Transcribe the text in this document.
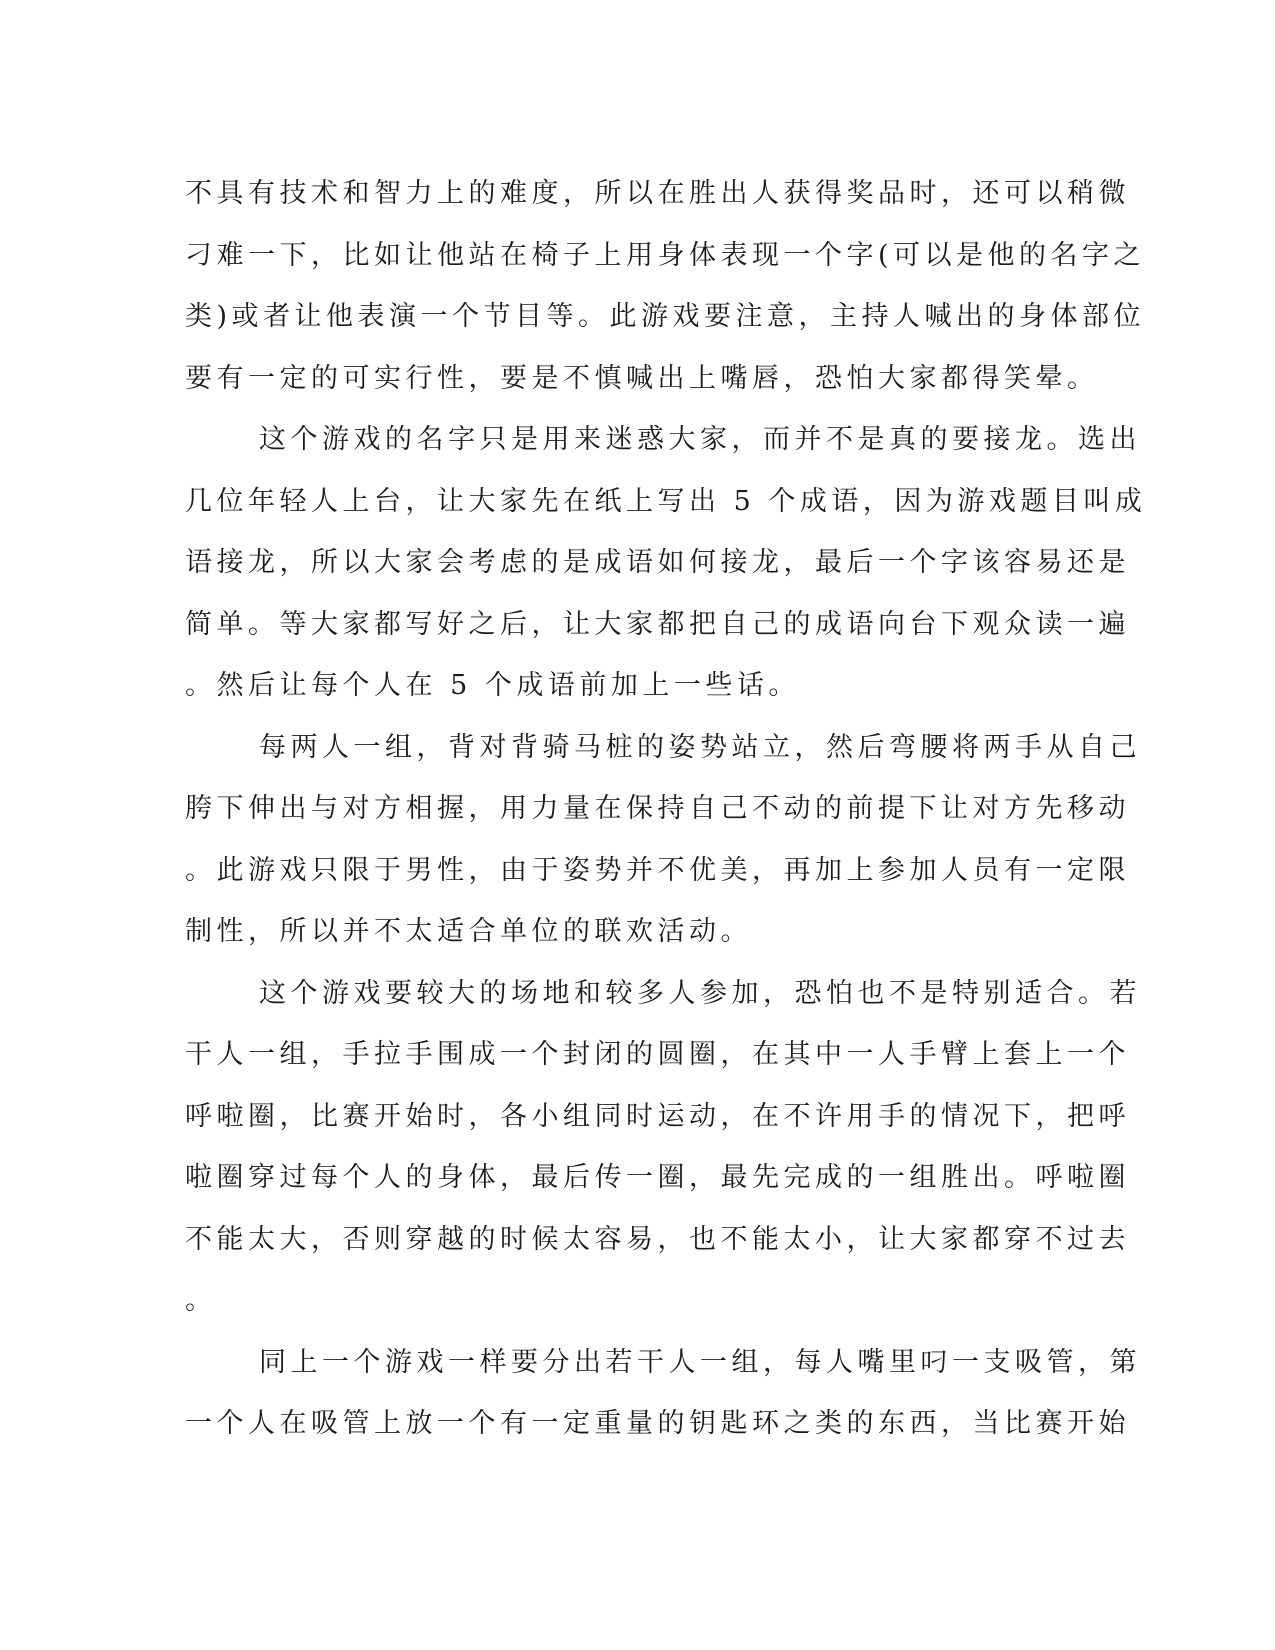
不具有技术和智力上的难度，所以在胜出人获得奖品时，还可以稍微
刁难一下，比如让他站在椅子上用身体表现一个字(可以是他的名字之
类)或者让他表演一个节目等。此游戏要注意，主持人喊出的身体部位
要有一定的可实行性，要是不慎喊出上嘴唇，恐怕大家都得笑晕。
这个游戏的名字只是用来迷惑大家，而并不是真的要接龙。选出
几位年轻人上台，让大家先在纸上写出 5 个成语，因为游戏题目叫成
语接龙，所以大家会考虑的是成语如何接龙，最后一个字该容易还是
简单。等大家都写好之后，让大家都把自己的成语向台下观众读一遍
。然后让每个人在 5 个成语前加上一些话。
每两人一组，背对背骑马桩的姿势站立，然后弯腰将两手从自己
胯下伸出与对方相握，用力量在保持自己不动的前提下让对方先移动
。此游戏只限于男性，由于姿势并不优美，再加上参加人员有一定限
制性，所以并不太适合单位的联欢活动。
这个游戏要较大的场地和较多人参加，恐怕也不是特别适合。若
干人一组，手拉手围成一个封闭的圆圈，在其中一人手臂上套上一个
呼啦圈，比赛开始时，各小组同时运动，在不许用手的情况下，把呼
啦圈穿过每个人的身体，最后传一圈，最先完成的一组胜出。呼啦圈
不能太大，否则穿越的时候太容易，也不能太小，让大家都穿不过去
。
同上一个游戏一样要分出若干人一组，每人嘴里叼一支吸管，第
一个人在吸管上放一个有一定重量的钥匙环之类的东西，当比赛开始
